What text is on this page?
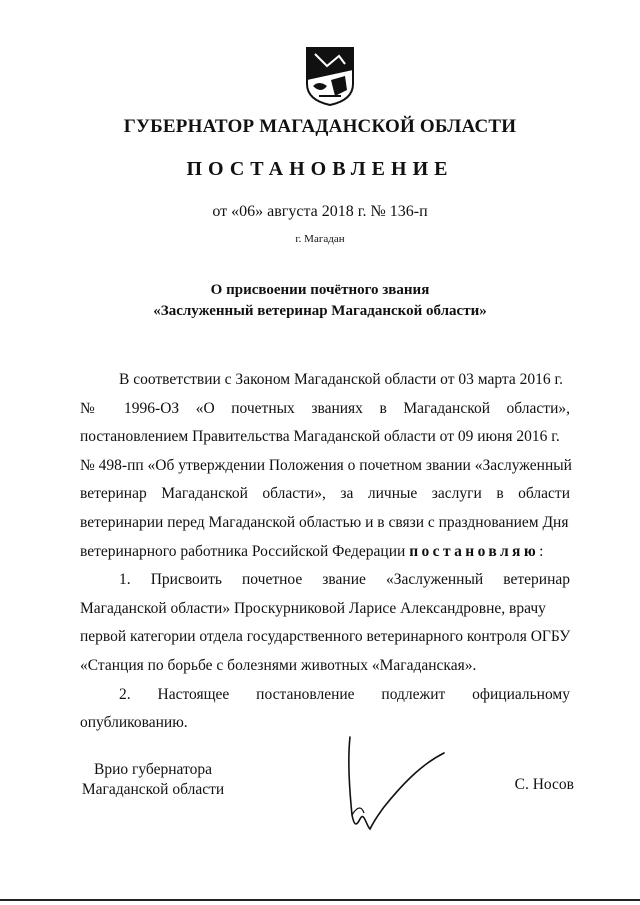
ГУБЕРНАТОР МАГАДАНСКОЙ ОБЛАСТИ
ПОСТАНОВЛЕНИЕ
от «06» августа 2018 г. № 136-п
г. Магадан
О присвоении почётного звания
«Заслуженный ветеринар Магаданской области»
В соответствии с Законом Магаданской области от 03 марта 2016 г.
№ 1996-ОЗ «О почетных званиях в Магаданской области»,
постановлением Правительства Магаданской области от 09 июня 2016 г.
№ 498-пп «Об утверждении Положения о почетном звании «Заслуженный
ветеринар Магаданской области», за личные заслуги в области
ветеринарии перед Магаданской областью и в связи с празднованием Дня
ветеринарного работника Российской Федерации постановляю:
1. Присвоить почетное звание «Заслуженный ветеринар
Магаданской области» Проскурниковой Ларисе Александровне, врачу
первой категории отдела государственного ветеринарного контроля ОГБУ
«Станция по борьбе с болезнями животных «Магаданская».
2. Настоящее постановление подлежит официальному
опубликованию.
Врио губернатора
Магаданской области	С. Носов
